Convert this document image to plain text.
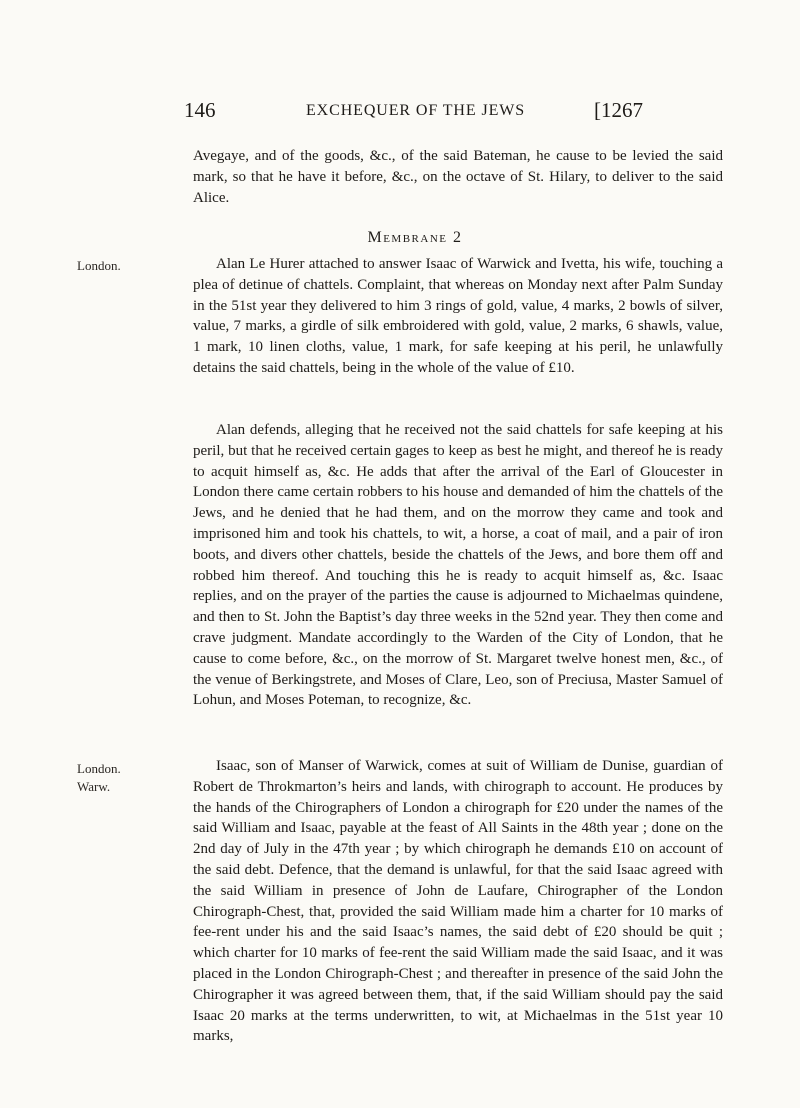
146	EXCHEQUER OF THE JEWS	[1267

Avegaye, and of the goods, &c., of the said Bateman, he cause to be levied the said mark, so that he have it before, &c., on the octave of St. Hilary, to deliver to the said Alice.

Membrane 2
London.	Alan Le Hurer attached to answer Isaac of Warwick and Ivetta, his wife, touching a plea of detinue of chattels. Complaint, that whereas on Monday next after Palm Sunday in the 51st year they delivered to him 3 rings of gold, value, 4 marks, 2 bowls of silver, value, 7 marks, a girdle of silk embroidered with gold, value, 2 marks, 6 shawls, value, 1 mark, 10 linen cloths, value, 1 mark, for safe keeping at his peril, he unlawfully detains the said chattels, being in the whole of the value of £10.

Alan defends, alleging that he received not the said chattels for safe keeping at his peril, but that he received certain gages to keep as best he might, and thereof he is ready to acquit himself as, &c. He adds that after the arrival of the Earl of Gloucester in London there came certain robbers to his house and demanded of him the chattels of the Jews, and he denied that he had them, and on the morrow they came and took and imprisoned him and took his chattels, to wit, a horse, a coat of mail, and a pair of iron boots, and divers other chattels, beside the chattels of the Jews, and bore them off and robbed him thereof. And touching this he is ready to acquit himself as, &c. Isaac replies, and on the prayer of the parties the cause is adjourned to Michaelmas quindene, and then to St. John the Baptist’s day three weeks in the 52nd year. They then come and crave judgment. Mandate accordingly to the Warden of the City of London, that he cause to come before, &c., on the morrow of St. Margaret twelve honest men, &c., of the venue of Berkingstrete, and Moses of Clare, Leo, son of Preciusa, Master Samuel of Lohun, and Moses Poteman, to recognize, &c.

London.
Warw.

Isaac, son of Manser of Warwick, comes at suit of William de Dunise, guardian of Robert de Throkmarton’s heirs and lands, with chirograph to account. He produces by the hands of the Chirographers of London a chirograph for £20 under the names of the said William and Isaac, payable at the feast of All Saints in the 48th year ; done on the 2nd day of July in the 47th year ; by which chirograph he demands £10 on account of the said debt. Defence, that the demand is unlawful, for that the said Isaac agreed with the said William in presence of John de Laufare, Chirographer of the London Chirograph-Chest, that, provided the said William made him a charter for 10 marks of fee-rent under his and the said Isaac’s names, the said debt of £20 should be quit ; which charter for 10 marks of fee-rent the said William made the said Isaac, and it was placed in the London Chirograph-Chest ; and thereafter in presence of the said John the Chirographer it was agreed between them, that, if the said William should pay the said Isaac 20 marks at the terms underwritten, to wit, at Michaelmas in the 51st year 10 marks,
